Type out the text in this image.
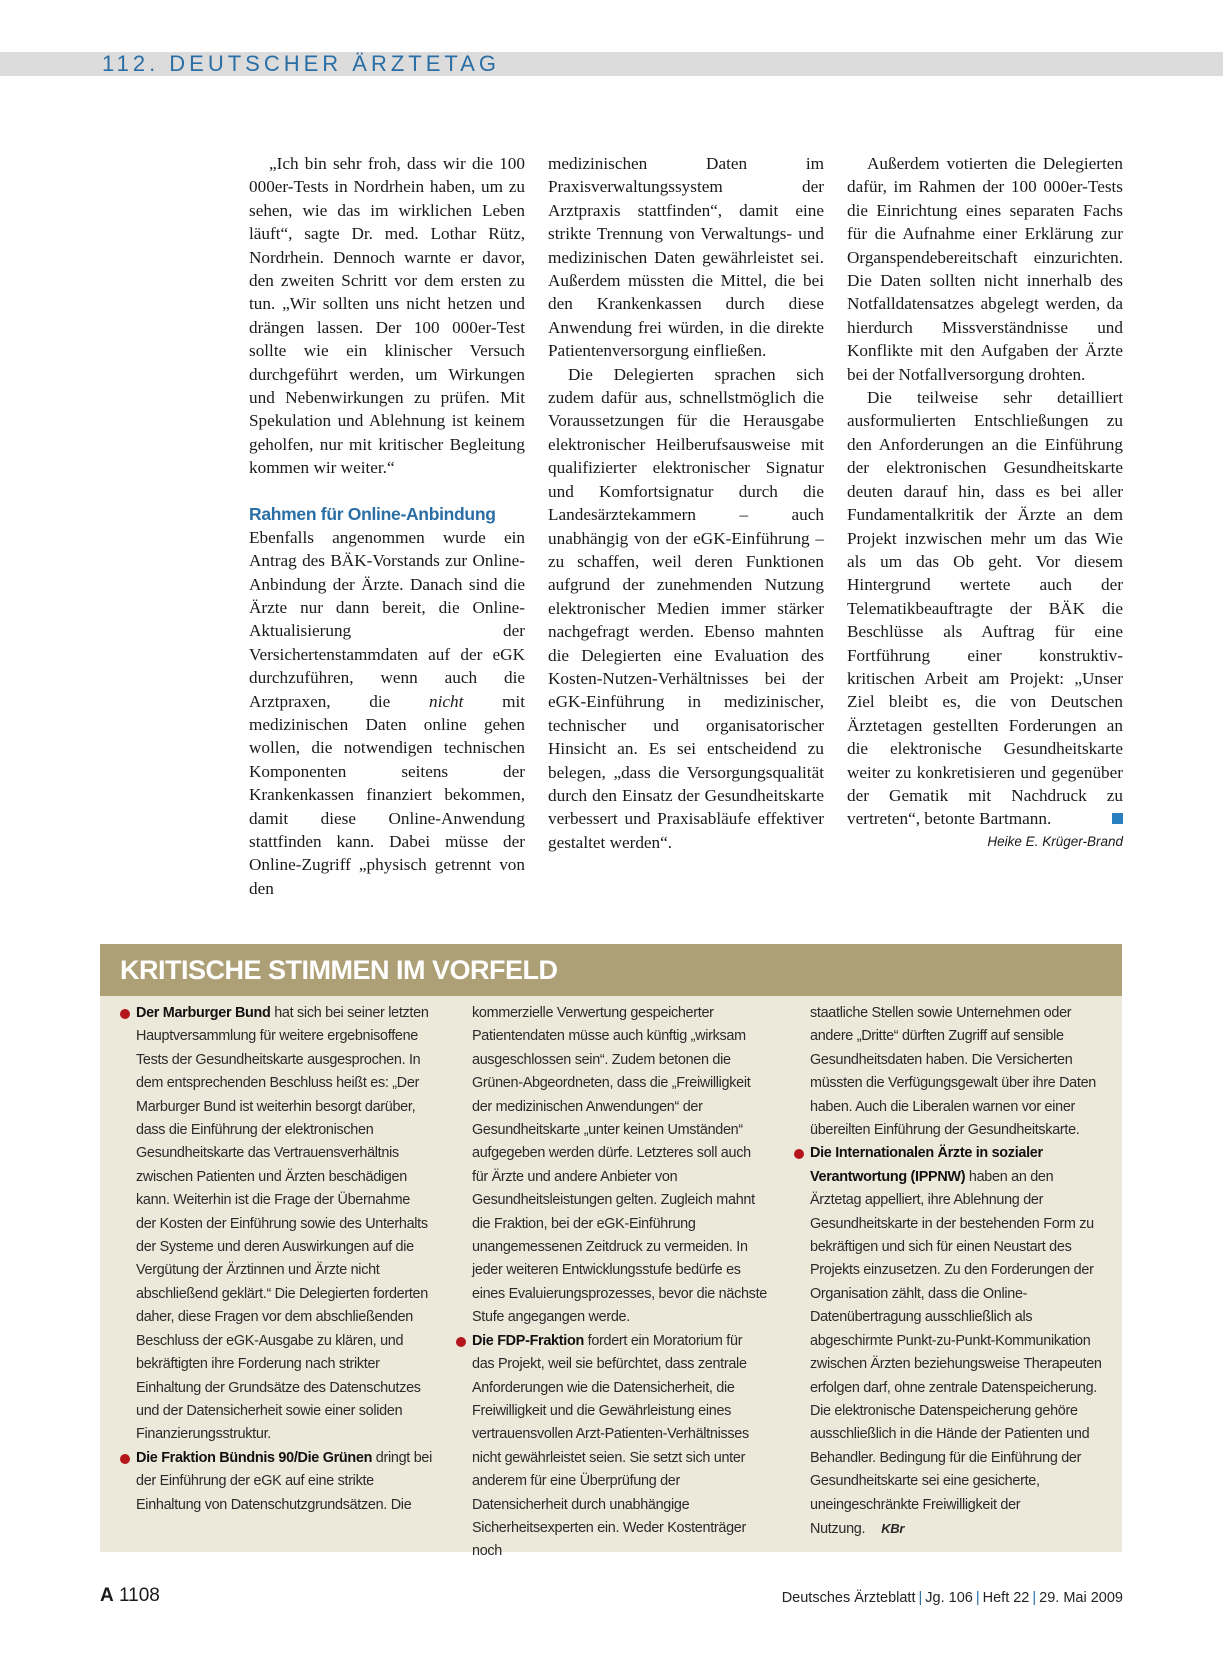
112. DEUTSCHER ÄRZTETAG

„Ich bin sehr froh, dass wir die 100 000er-Tests in Nordrhein haben, um zu sehen, wie das im wirklichen Leben läuft“, sagte Dr. med. Lothar Rütz, Nordrhein. Dennoch warnte er davor, den zweiten Schritt vor dem ersten zu tun. „Wir sollten uns nicht hetzen und drängen lassen. Der 100 000er-Test sollte wie ein klinischer Versuch durchgeführt werden, um Wirkungen und Nebenwirkungen zu prüfen. Mit Spekulation und Ablehnung ist keinem geholfen, nur mit kritischer Begleitung kommen wir weiter.“

Rahmen für Online-Anbindung

Ebenfalls angenommen wurde ein Antrag des BÄK-Vorstands zur Online-Anbindung der Ärzte. Danach sind die Ärzte nur dann bereit, die Online-Aktualisierung der Versichertenstammdaten auf der eGK durchzuführen, wenn auch die Arztpraxen, die nicht mit medizinischen Daten online gehen wollen, die notwendigen technischen Komponenten seitens der Krankenkassen finanziert bekommen, damit diese Online-Anwendung stattfinden kann. Dabei müsse der Online-Zugriff „physisch getrennt von den

medizinischen Daten im Praxisverwaltungssystem der Arztpraxis stattfinden“, damit eine strikte Trennung von Verwaltungs- und medizinischen Daten gewährleistet sei. Außerdem müssten die Mittel, die bei den Krankenkassen durch diese Anwendung frei würden, in die direkte Patientenversorgung einfließen.

Die Delegierten sprachen sich zudem dafür aus, schnellstmöglich die Voraussetzungen für die Herausgabe elektronischer Heilberufsausweise mit qualifizierter elektronischer Signatur und Komfortsignatur durch die Landesärztekammern – auch unabhängig von der eGK-Einführung – zu schaffen, weil deren Funktionen aufgrund der zunehmenden Nutzung elektronischer Medien immer stärker nachgefragt werden. Ebenso mahnten die Delegierten eine Evaluation des Kosten-Nutzen-Verhältnisses bei der eGK-Einführung in medizinischer, technischer und organisatorischer Hinsicht an. Es sei entscheidend zu belegen, „dass die Versorgungsqualität durch den Einsatz der Gesundheitskarte verbessert und Praxisabläufe effektiver gestaltet werden“.

Außerdem votierten die Delegierten dafür, im Rahmen der 100 000er-Tests die Einrichtung eines separaten Fachs für die Aufnahme einer Erklärung zur Organspendebereitschaft einzurichten. Die Daten sollten nicht innerhalb des Notfalldatensatzes abgelegt werden, da hierdurch Missverständnisse und Konflikte mit den Aufgaben der Ärzte bei der Notfallversorgung drohten.

Die teilweise sehr detailliert ausformulierten Entschließungen zu den Anforderungen an die Einführung der elektronischen Gesundheitskarte deuten darauf hin, dass es bei aller Fundamentalkritik der Ärzte an dem Projekt inzwischen mehr um das Wie als um das Ob geht. Vor diesem Hintergrund wertete auch der Telematikbeauftragte der BÄK die Beschlüsse als Auftrag für eine Fortführung einer konstruktiv-kritischen Arbeit am Projekt: „Unser Ziel bleibt es, die von Deutschen Ärztetagen gestellten Forderungen an die elektronische Gesundheitskarte weiter zu konkretisieren und gegenüber der Gematik mit Nachdruck zu vertreten“, betonte Bartmann.

Heike E. Krüger-Brand
KRITISCHE STIMMEN IM VORFELD

Der Marburger Bund hat sich bei seiner letzten Hauptversammlung für weitere ergebnisoffene Tests der Gesundheitskarte ausgesprochen. In dem entsprechenden Beschluss heißt es: „Der Marburger Bund ist weiterhin besorgt darüber, dass die Einführung der elektronischen Gesundheitskarte das Vertrauensverhältnis zwischen Patienten und Ärzten beschädigen kann. Weiterhin ist die Frage der Übernahme der Kosten der Einführung sowie des Unterhalts der Systeme und deren Auswirkungen auf die Vergütung der Ärztinnen und Ärzte nicht abschließend geklärt.“ Die Delegierten forderten daher, diese Fragen vor dem abschließenden Beschluss der eGK-Ausgabe zu klären, und bekräftigten ihre Forderung nach strikter Einhaltung der Grundsätze des Datenschutzes und der Datensicherheit sowie einer soliden Finanzierungsstruktur.

Die Fraktion Bündnis 90/Die Grünen dringt bei der Einführung der eGK auf eine strikte Einhaltung von Datenschutzgrundsätzen. Die

kommerzielle Verwertung gespeicherter Patientendaten müsse auch künftig „wirksam ausgeschlossen sein“. Zudem betonen die Grünen-Abgeordneten, dass die „Freiwilligkeit der medizinischen Anwendungen“ der Gesundheitskarte „unter keinen Umständen“ aufgegeben werden dürfe. Letzteres soll auch für Ärzte und andere Anbieter von Gesundheitsleistungen gelten. Zugleich mahnt die Fraktion, bei der eGK-Einführung unangemessenen Zeitdruck zu vermeiden. In jeder weiteren Entwicklungsstufe bedürfe es eines Evaluierungsprozesses, bevor die nächste Stufe angegangen werde.

Die FDP-Fraktion fordert ein Moratorium für das Projekt, weil sie befürchtet, dass zentrale Anforderungen wie die Datensicherheit, die Freiwilligkeit und die Gewährleistung eines vertrauensvollen Arzt-Patienten-Verhältnisses nicht gewährleistet seien. Sie setzt sich unter anderem für eine Überprüfung der Datensicherheit durch unabhängige Sicherheitsexperten ein. Weder Kostenträger noch

staatliche Stellen sowie Unternehmen oder andere „Dritte“ dürften Zugriff auf sensible Gesundheitsdaten haben. Die Versicherten müssten die Verfügungsgewalt über ihre Daten haben. Auch die Liberalen warnen vor einer übereilten Einführung der Gesundheitskarte.

Die Internationalen Ärzte in sozialer Verantwortung (IPPNW) haben an den Ärztetag appelliert, ihre Ablehnung der Gesundheitskarte in der bestehenden Form zu bekräftigen und sich für einen Neustart des Projekts einzusetzen. Zu den Forderungen der Organisation zählt, dass die Online-Datenübertragung ausschließlich als abgeschirmte Punkt-zu-Punkt-Kommunikation zwischen Ärzten beziehungsweise Therapeuten erfolgen darf, ohne zentrale Datenspeicherung. Die elektronische Datenspeicherung gehöre ausschließlich in die Hände der Patienten und Behandler. Bedingung für die Einführung der Gesundheitskarte sei eine gesicherte, uneingeschränkte Freiwilligkeit der Nutzung. KBr

A 1108	Deutsches Ärzteblatt | Jg. 106 | Heft 22 | 29. Mai 2009
